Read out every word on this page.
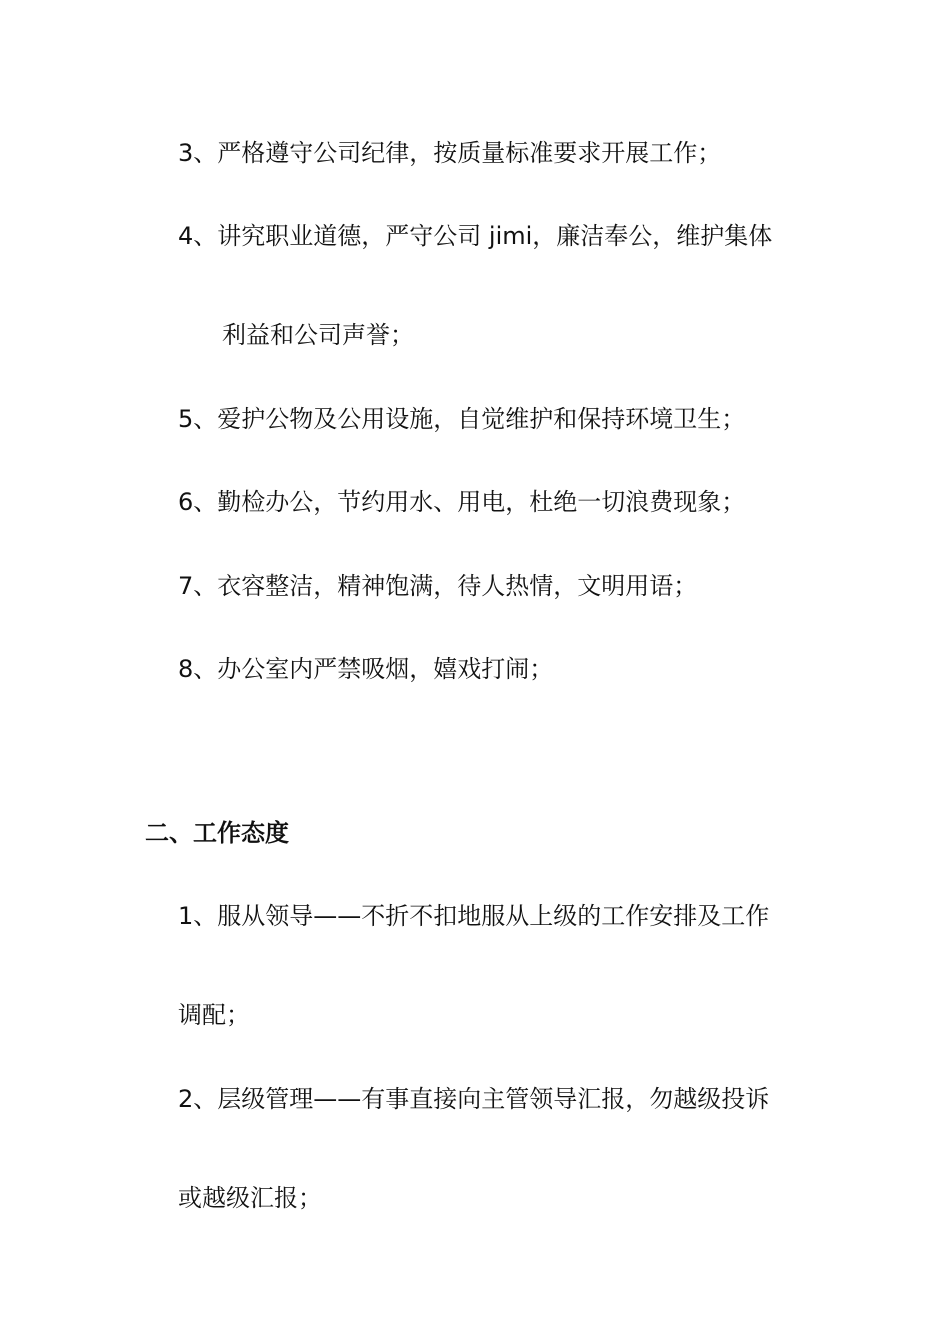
3、严格遵守公司纪律，按质量标准要求开展工作；
4、讲究职业道德，严守公司 jimi，廉洁奉公，维护集体
利益和公司声誉；
5、爱护公物及公用设施，自觉维护和保持环境卫生；
6、勤检办公，节约用水、用电，杜绝一切浪费现象；
7、衣容整洁，精神饱满，待人热情，文明用语；
8、办公室内严禁吸烟，嬉戏打闹；
二、工作态度
1、服从领导——不折不扣地服从上级的工作安排及工作
调配；
2、层级管理——有事直接向主管领导汇报，勿越级投诉
或越级汇报；
